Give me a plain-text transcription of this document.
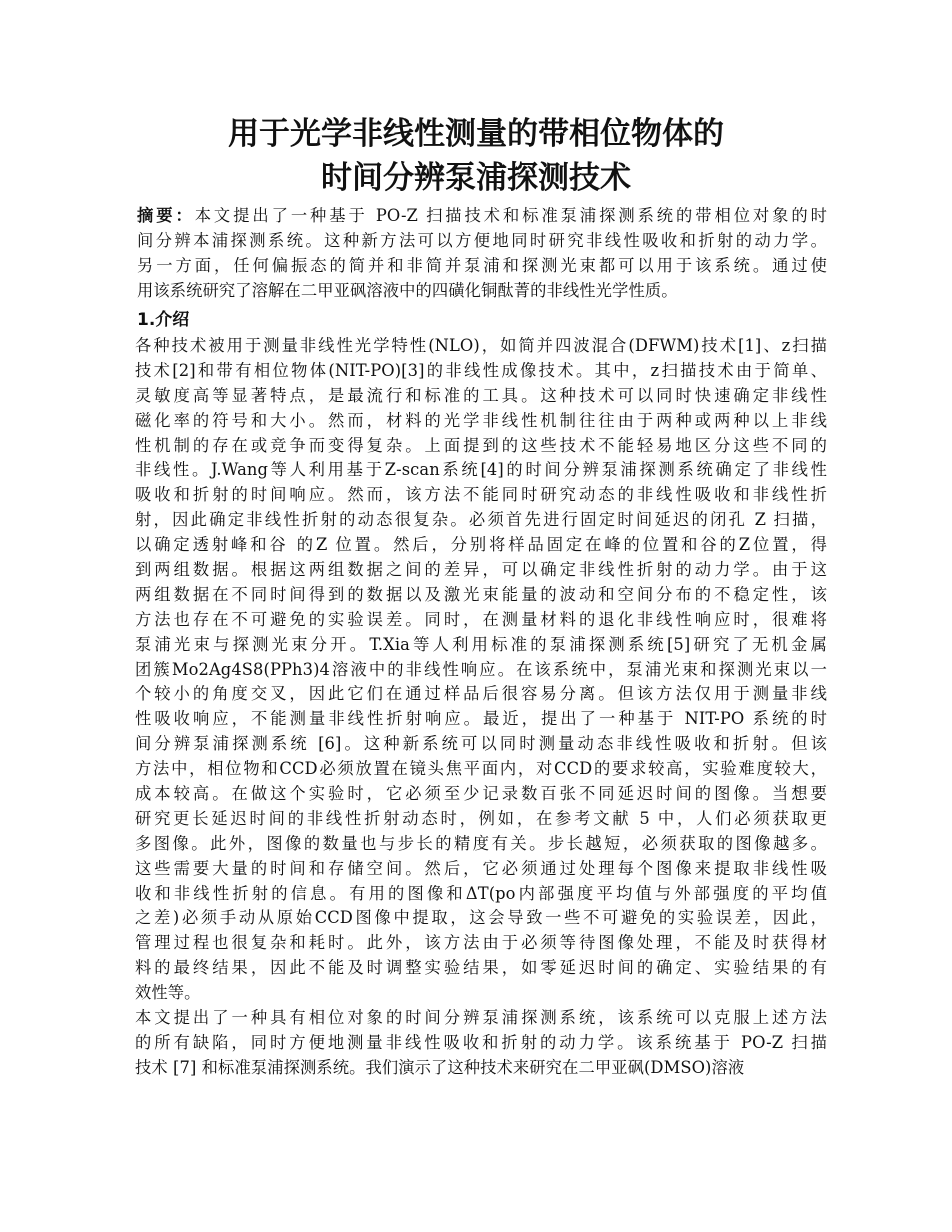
用于光学非线性测量的带相位物体的
时间分辨泵浦探测技术
摘要：本文提出了一种基于 PO-Z 扫描技术和标准泵浦探测系统的带相位对象的时
间分辨本浦探测系统。这种新方法可以方便地同时研究非线性吸收和折射的动力学。
另一方面，任何偏振态的简并和非简并泵浦和探测光束都可以用于该系统。通过使
用该系统研究了溶解在二甲亚砜溶液中的四磺化铜酞菁的非线性光学性质。
1.介绍
各种技术被用于测量非线性光学特性(NLO)，如简并四波混合(DFWM)技术[1]、z扫描
技术[2]和带有相位物体(NIT-PO)[3]的非线性成像技术。其中，z扫描技术由于简单、
灵敏度高等显著特点，是最流行和标准的工具。这种技术可以同时快速确定非线性
磁化率的符号和大小。然而，材料的光学非线性机制往往由于两种或两种以上非线
性机制的存在或竞争而变得复杂。上面提到的这些技术不能轻易地区分这些不同的
非线性。J.Wang等人利用基于Z-scan系统[4]的时间分辨泵浦探测系统确定了非线性
吸收和折射的时间响应。然而，该方法不能同时研究动态的非线性吸收和非线性折
射，因此确定非线性折射的动态很复杂。必须首先进行固定时间延迟的闭孔 Z 扫描，
以确定透射峰和谷 的Z 位置。然后，分别将样品固定在峰的位置和谷的Z位置，得
到两组数据。根据这两组数据之间的差异，可以确定非线性折射的动力学。由于这
两组数据在不同时间得到的数据以及激光束能量的波动和空间分布的不稳定性，该
方法也存在不可避免的实验误差。同时，在测量材料的退化非线性响应时，很难将
泵浦光束与探测光束分开。T.Xia等人利用标准的泵浦探测系统[5]研究了无机金属
团簇Mo2Ag4S8(PPh3)4溶液中的非线性响应。在该系统中，泵浦光束和探测光束以一
个较小的角度交叉，因此它们在通过样品后很容易分离。但该方法仅用于测量非线
性吸收响应，不能测量非线性折射响应。最近，提出了一种基于 NIT-PO 系统的时
间分辨泵浦探测系统 [6]。这种新系统可以同时测量动态非线性吸收和折射。但该
方法中，相位物和CCD必须放置在镜头焦平面内，对CCD的要求较高，实验难度较大，
成本较高。在做这个实验时，它必须至少记录数百张不同延迟时间的图像。当想要
研究更长延迟时间的非线性折射动态时，例如，在参考文献 5 中，人们必须获取更
多图像。此外，图像的数量也与步长的精度有关。步长越短，必须获取的图像越多。
这些需要大量的时间和存储空间。然后，它必须通过处理每个图像来提取非线性吸
收和非线性折射的信息。有用的图像和ΔT(po内部强度平均值与外部强度的平均值
之差)必须手动从原始CCD图像中提取，这会导致一些不可避免的实验误差，因此，
管理过程也很复杂和耗时。此外，该方法由于必须等待图像处理，不能及时获得材
料的最终结果，因此不能及时调整实验结果，如零延迟时间的确定、实验结果的有
效性等。
本文提出了一种具有相位对象的时间分辨泵浦探测系统，该系统可以克服上述方法
的所有缺陷，同时方便地测量非线性吸收和折射的动力学。该系统基于 PO-Z 扫描
技术 [7] 和标准泵浦探测系统。我们演示了这种技术来研究在二甲亚砜(DMSO)溶液
